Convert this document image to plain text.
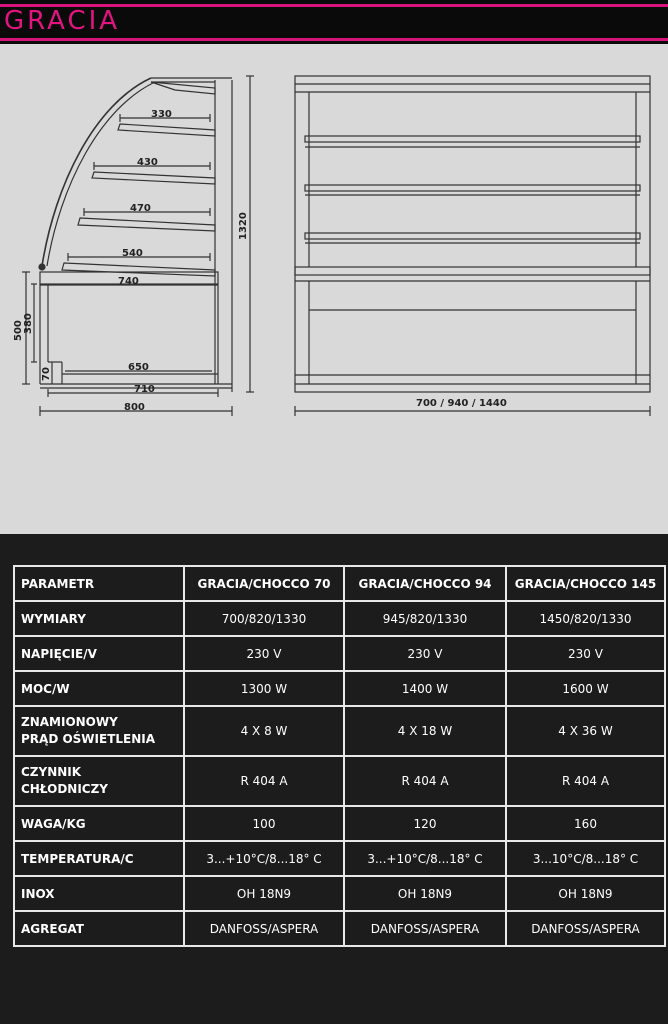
GRACIA
330
430
470
540
740
650
710
800
1320
500 380
70
700 / 940 / 1440
PARAMETR	GRACIA/CHOCCO 70	GRACIA/CHOCCO 94	GRACIA/CHOCCO 145
WYMIARY	700/820/1330	945/820/1330	1450/820/1330
NAPIĘCIE/V	230 V	230 V	230 V
MOC/W	1300 W	1400 W	1600 W
ZNAMIONOWY
PRĄD OŚWIETLENIA	4 X 8 W	4 X 18 W	4 X 36 W
CZYNNIK
CHŁODNICZY	R 404 A	R 404 A	R 404 A
WAGA/KG	100	120	160
TEMPERATURA/C	3...+10°C/8...18° C	3...+10°C/8...18° C	3...10°C/8...18° C
INOX	OH 18N9	OH 18N9	OH 18N9
AGREGAT	DANFOSS/ASPERA	DANFOSS/ASPERA	DANFOSS/ASPERA
